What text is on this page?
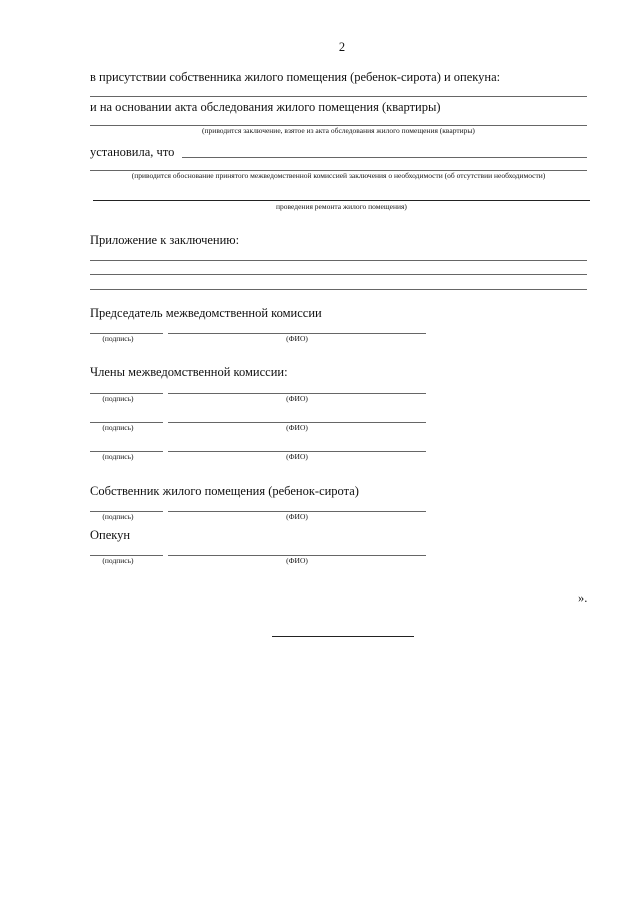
2
в присутствии собственника жилого помещения (ребенок-сирота) и опекуна:
и на основании акта обследования жилого помещения (квартиры)
(приводится заключение, взятое из акта обследования жилого помещения (квартиры)
установила, что
(приводится обоснование принятого межведомственной комиссией заключения о необходимости (об отсутствии необходимости)
проведения ремонта жилого помещения)
Приложение к заключению:
Председатель межведомственной комиссии
(подпись)	(ФИО)
Члены межведомственной комиссии:
(подпись)	(ФИО)
(подпись)	(ФИО)
(подпись)	(ФИО)
Собственник жилого помещения (ребенок-сирота)
(подпись)	(ФИО)
Опекун
(подпись)	(ФИО)
».
